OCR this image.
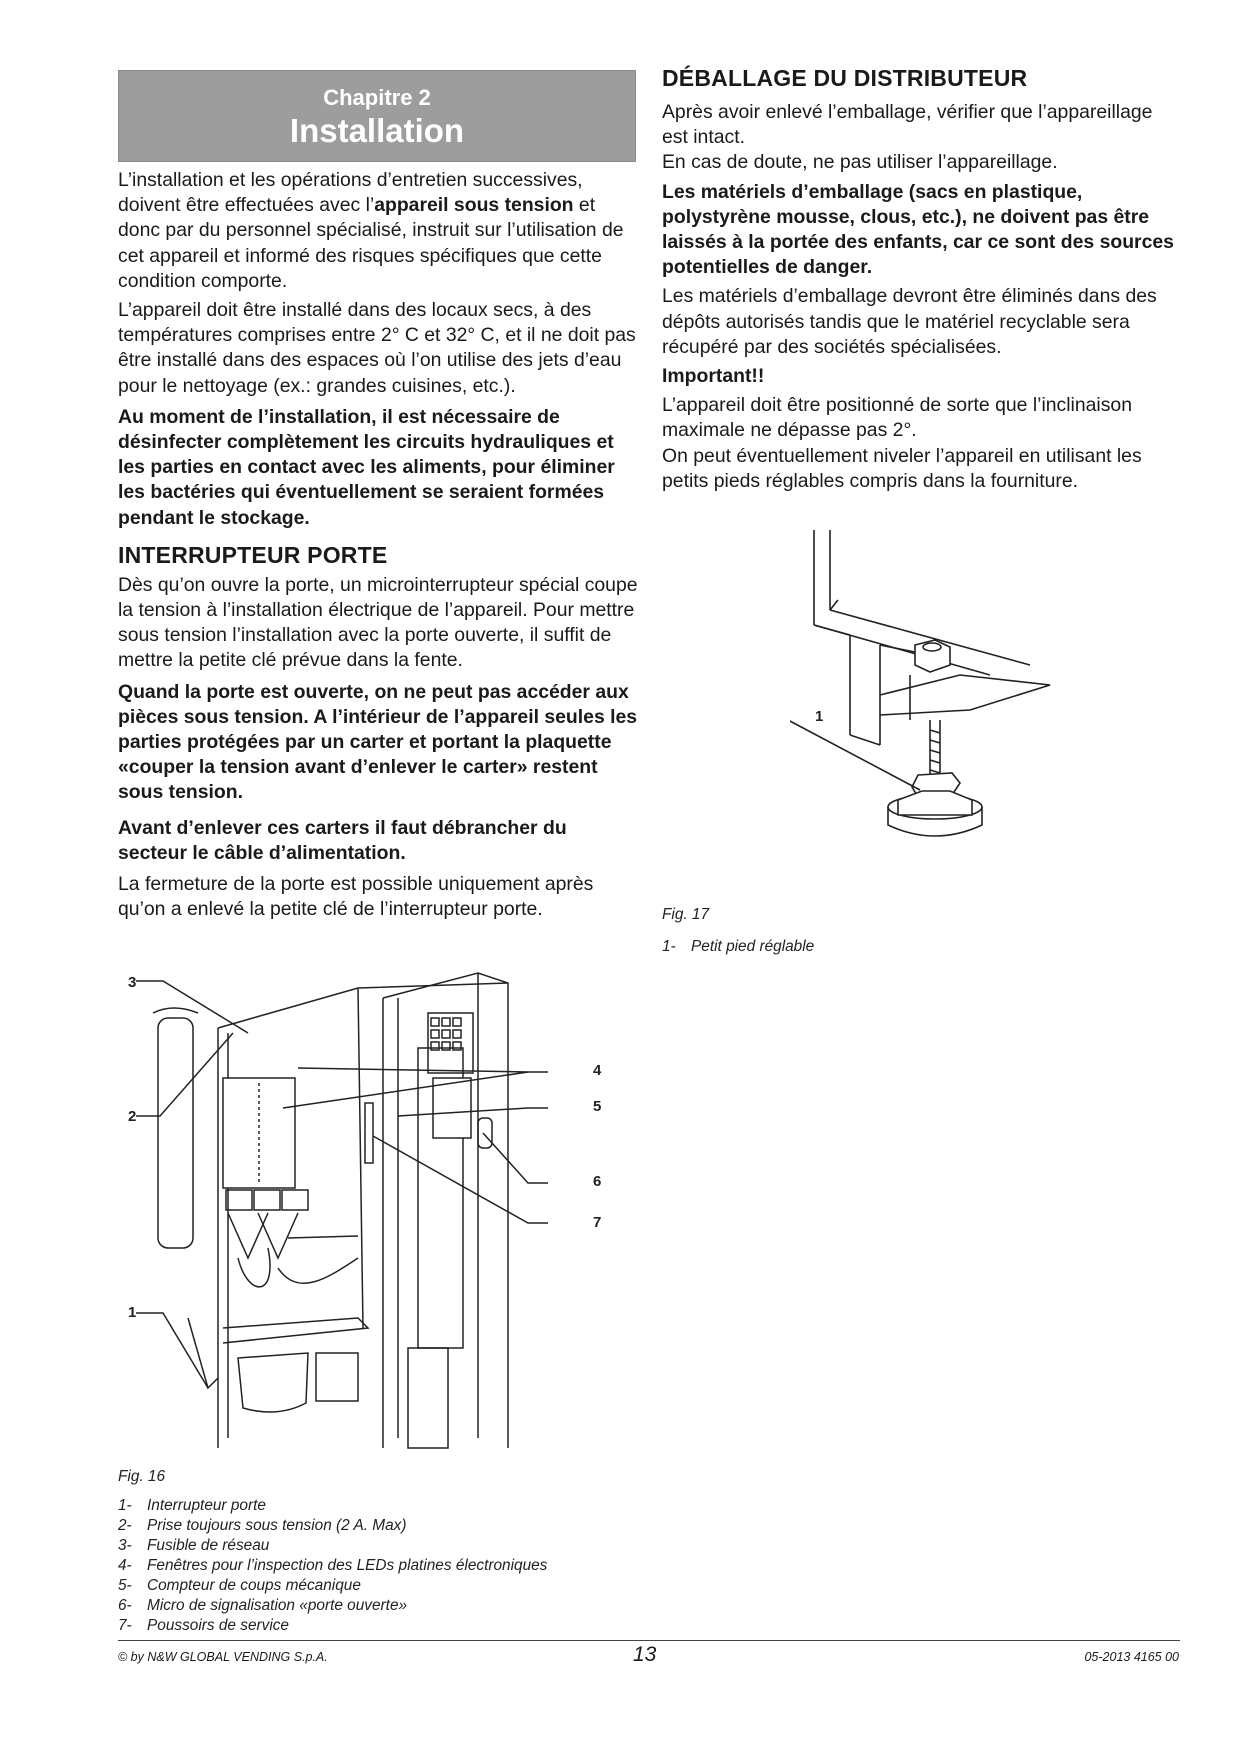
Chapitre 2
Installation

L’installation et les opérations d’entretien successives, doivent être effectuées avec l’appareil sous tension et donc par du personnel spécialisé, instruit sur l’utilisation de cet appareil et informé des risques spécifiques que cette condition comporte.

L’appareil doit être installé dans des locaux secs, à des températures comprises entre 2° C et 32° C, et il ne doit pas être installé dans des espaces où l’on utilise des jets d’eau pour le nettoyage (ex.: grandes cuisines, etc.).

Au moment de l’installation, il est nécessaire de désinfecter complètement les circuits hydrauliques et les parties en contact avec les aliments, pour éliminer les bactéries qui éventuellement se seraient formées pendant le stockage.

INTERRUPTEUR PORTE

Dès qu’on ouvre la porte, un microinterrupteur spécial coupe la tension à l’installation électrique de l’appareil. Pour mettre sous tension l’installation avec la porte ouverte, il suffit de mettre la petite clé prévue dans la fente.

Quand la porte est ouverte, on ne peut pas accéder aux pièces sous tension. A l’intérieur de l’appareil seules les parties protégées par un carter et portant la plaquette «couper la tension avant d’enlever le carter» restent sous tension.

Avant d’enlever ces carters il faut débrancher du secteur le câble d’alimentation.

La fermeture de la porte est possible uniquement après qu’on a enlevé la petite clé de l’interrupteur porte.

DÉBALLAGE DU DISTRIBUTEUR

Après avoir enlevé l’emballage, vérifier que l’appareillage est intact.

En cas de doute, ne pas utiliser l’appareillage.

Les matériels d’emballage (sacs en plastique, polystyrène mousse, clous, etc.), ne doivent pas être laissés à la portée des enfants, car ce sont des sources potentielles de danger.

Les matériels d’emballage devront être éliminés dans des dépôts autorisés tandis que le matériel recyclable sera récupéré par des sociétés spécialisées.

Important!!

L’appareil doit être positionné de sorte que l’inclinaison maximale ne dépasse pas 2°.

On peut éventuellement niveler l’appareil en utilisant les petits pieds réglables compris dans la fourniture.

1
Fig. 17
1- Petit pied réglable
3
2
1
4
5
6
7
Fig. 16
1- Interrupteur porte
2- Prise toujours sous tension (2 A. Max)
3- Fusible de réseau
4- Fenêtres pour l’inspection des LEDs platines électroniques
5- Compteur de coups mécanique
6- Micro de signalisation «porte ouverte»
7- Poussoirs de service
© by N&W GLOBAL VENDING S.p.A.	13	05-2013 4165 00
